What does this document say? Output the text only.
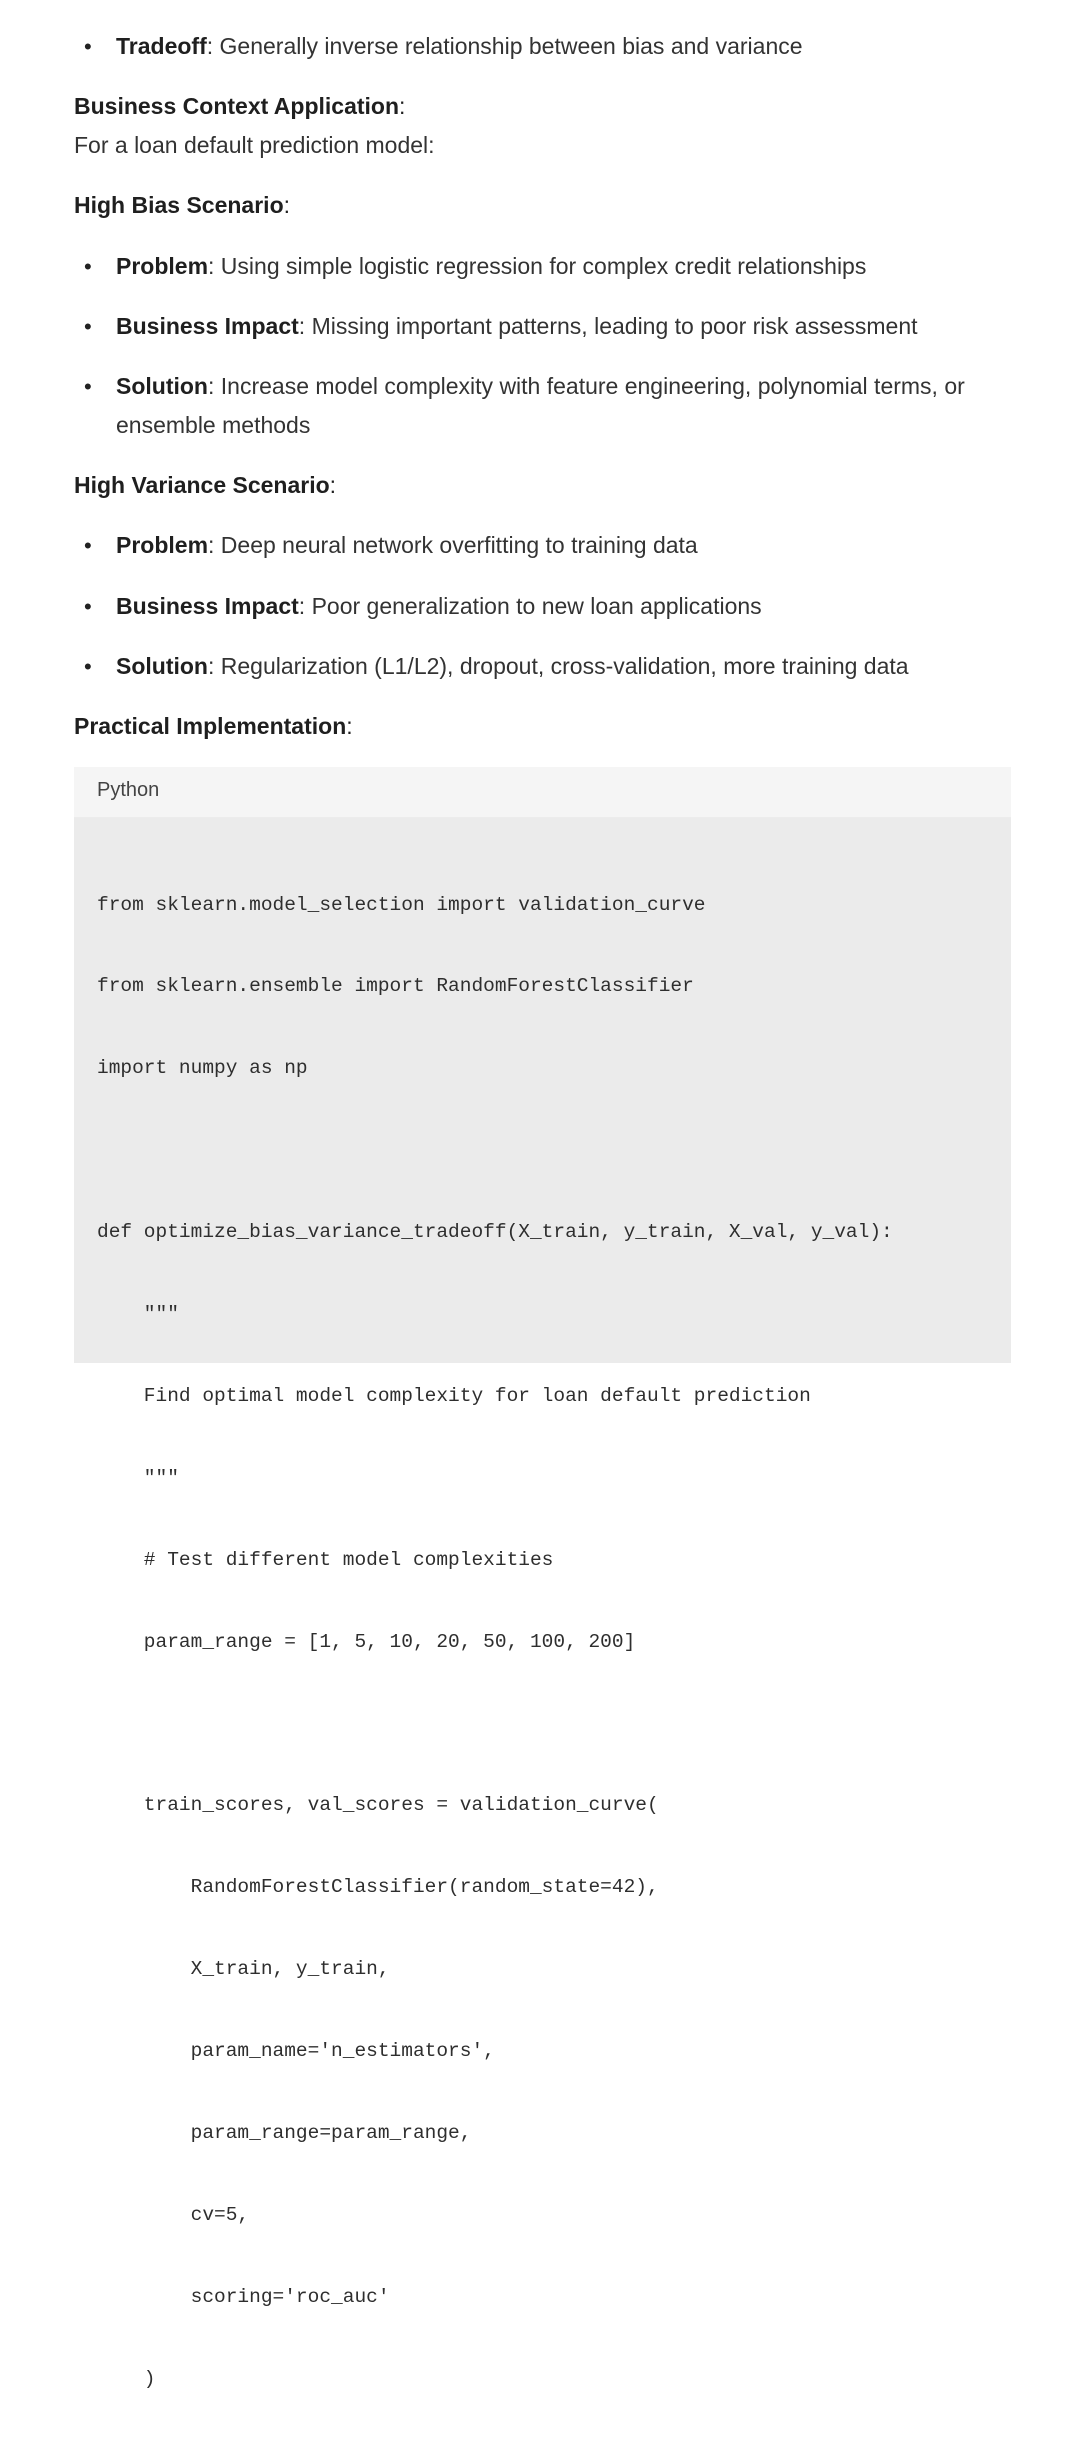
• Tradeoff: Generally inverse relationship between bias and variance
Business Context Application:
For a loan default prediction model:
High Bias Scenario:
• Problem: Using simple logistic regression for complex credit relationships
• Business Impact: Missing important patterns, leading to poor risk assessment
• Solution: Increase model complexity with feature engineering, polynomial terms, or ensemble methods
High Variance Scenario:
• Problem: Deep neural network overfitting to training data
• Business Impact: Poor generalization to new loan applications
• Solution: Regularization (L1/L2), dropout, cross-validation, more training data
Practical Implementation:
Python

from sklearn.model_selection import validation_curve

from sklearn.ensemble import RandomForestClassifier

import numpy as np

def optimize_bias_variance_tradeoff(X_train, y_train, X_val, y_val):

"""

Find optimal model complexity for loan default prediction

"""

# Test different model complexities

param_range = [1, 5, 10, 20, 50, 100, 200]

train_scores, val_scores = validation_curve(

RandomForestClassifier(random_state=42),

X_train, y_train,

param_name='n_estimators',

param_range=param_range,

cv=5,

scoring='roc_auc'

)
